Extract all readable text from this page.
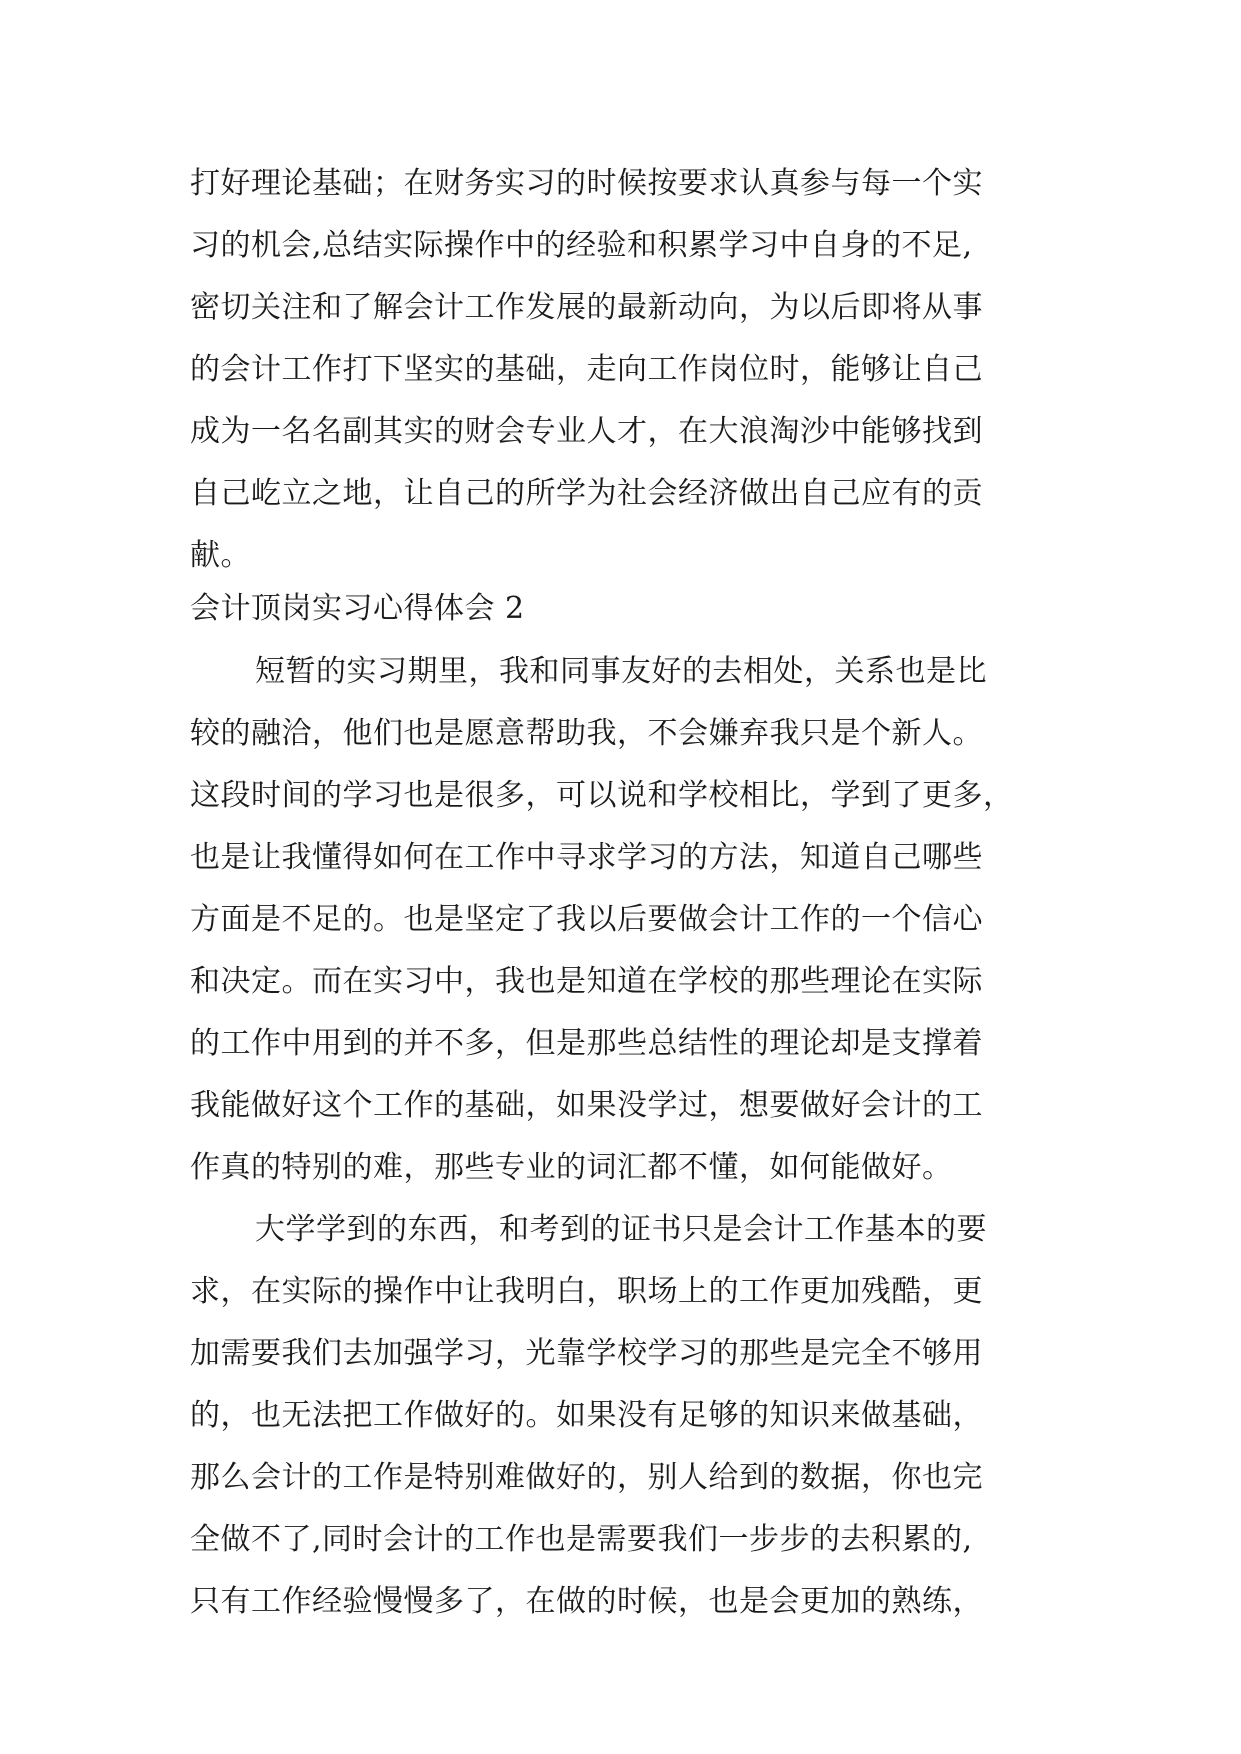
打好理论基础；在财务实习的时候按要求认真参与每一个实
习的机会,总结实际操作中的经验和积累学习中自身的不足,
密切关注和了解会计工作发展的最新动向，为以后即将从事
的会计工作打下坚实的基础，走向工作岗位时，能够让自己
成为一名名副其实的财会专业人才，在大浪淘沙中能够找到
自己屹立之地，让自己的所学为社会经济做出自己应有的贡
献。
会计顶岗实习心得体会 2
短暂的实习期里，我和同事友好的去相处，关系也是比
较的融洽，他们也是愿意帮助我，不会嫌弃我只是个新人。
这段时间的学习也是很多，可以说和学校相比，学到了更多，
也是让我懂得如何在工作中寻求学习的方法，知道自己哪些
方面是不足的。也是坚定了我以后要做会计工作的一个信心
和决定。而在实习中，我也是知道在学校的那些理论在实际
的工作中用到的并不多，但是那些总结性的理论却是支撑着
我能做好这个工作的基础，如果没学过，想要做好会计的工
作真的特别的难，那些专业的词汇都不懂，如何能做好。
大学学到的东西，和考到的证书只是会计工作基本的要
求，在实际的操作中让我明白，职场上的工作更加残酷，更
加需要我们去加强学习，光靠学校学习的那些是完全不够用
的，也无法把工作做好的。如果没有足够的知识来做基础，
那么会计的工作是特别难做好的，别人给到的数据，你也完
全做不了,同时会计的工作也是需要我们一步步的去积累的,
只有工作经验慢慢多了，在做的时候，也是会更加的熟练，
